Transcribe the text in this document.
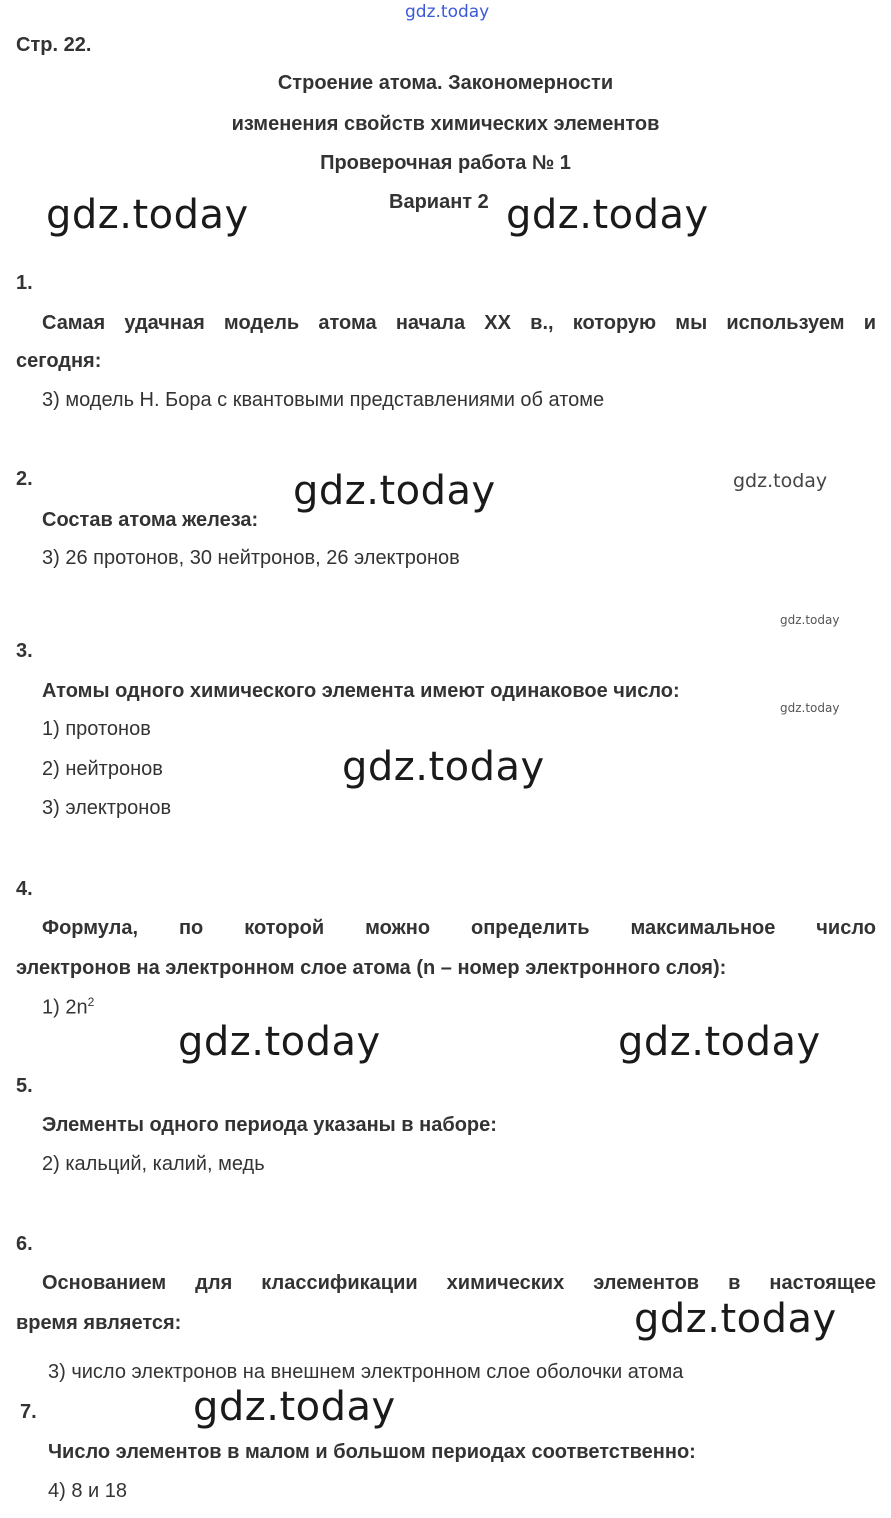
gdz.today
Стр. 22.
Строение атома. Закономерности
изменения свойств химических элементов
Проверочная работа № 1
Вариант 2
gdz.today	gdz.today
1.
Самая удачная модель атома начала XX в., которую мы используем и
сегодня:
3) модель Н. Бора с квантовыми представлениями об атоме
2.	gdz.today	gdz.today
Состав атома железа:
3) 26 протонов, 30 нейтронов, 26 электронов
gdz.today
3.
Атомы одного химического элемента имеют одинаковое число:
gdz.today
1) протонов
2) нейтронов	gdz.today
3) электронов
4.
Формула, по которой можно определить максимальное число
электронов на электронном слое атома (n – номер электронного слоя):
1) $2n^2$
gdz.today	gdz.today
5.
Элементы одного периода указаны в наборе:
2) кальций, калий, медь
6.
Основанием для классификации химических элементов в настоящее
время является:	gdz.today
3) число электронов на внешнем электронном слое оболочки атома
7.	gdz.today
Число элементов в малом и большом периодах соответственно:
4) 8 и 18
